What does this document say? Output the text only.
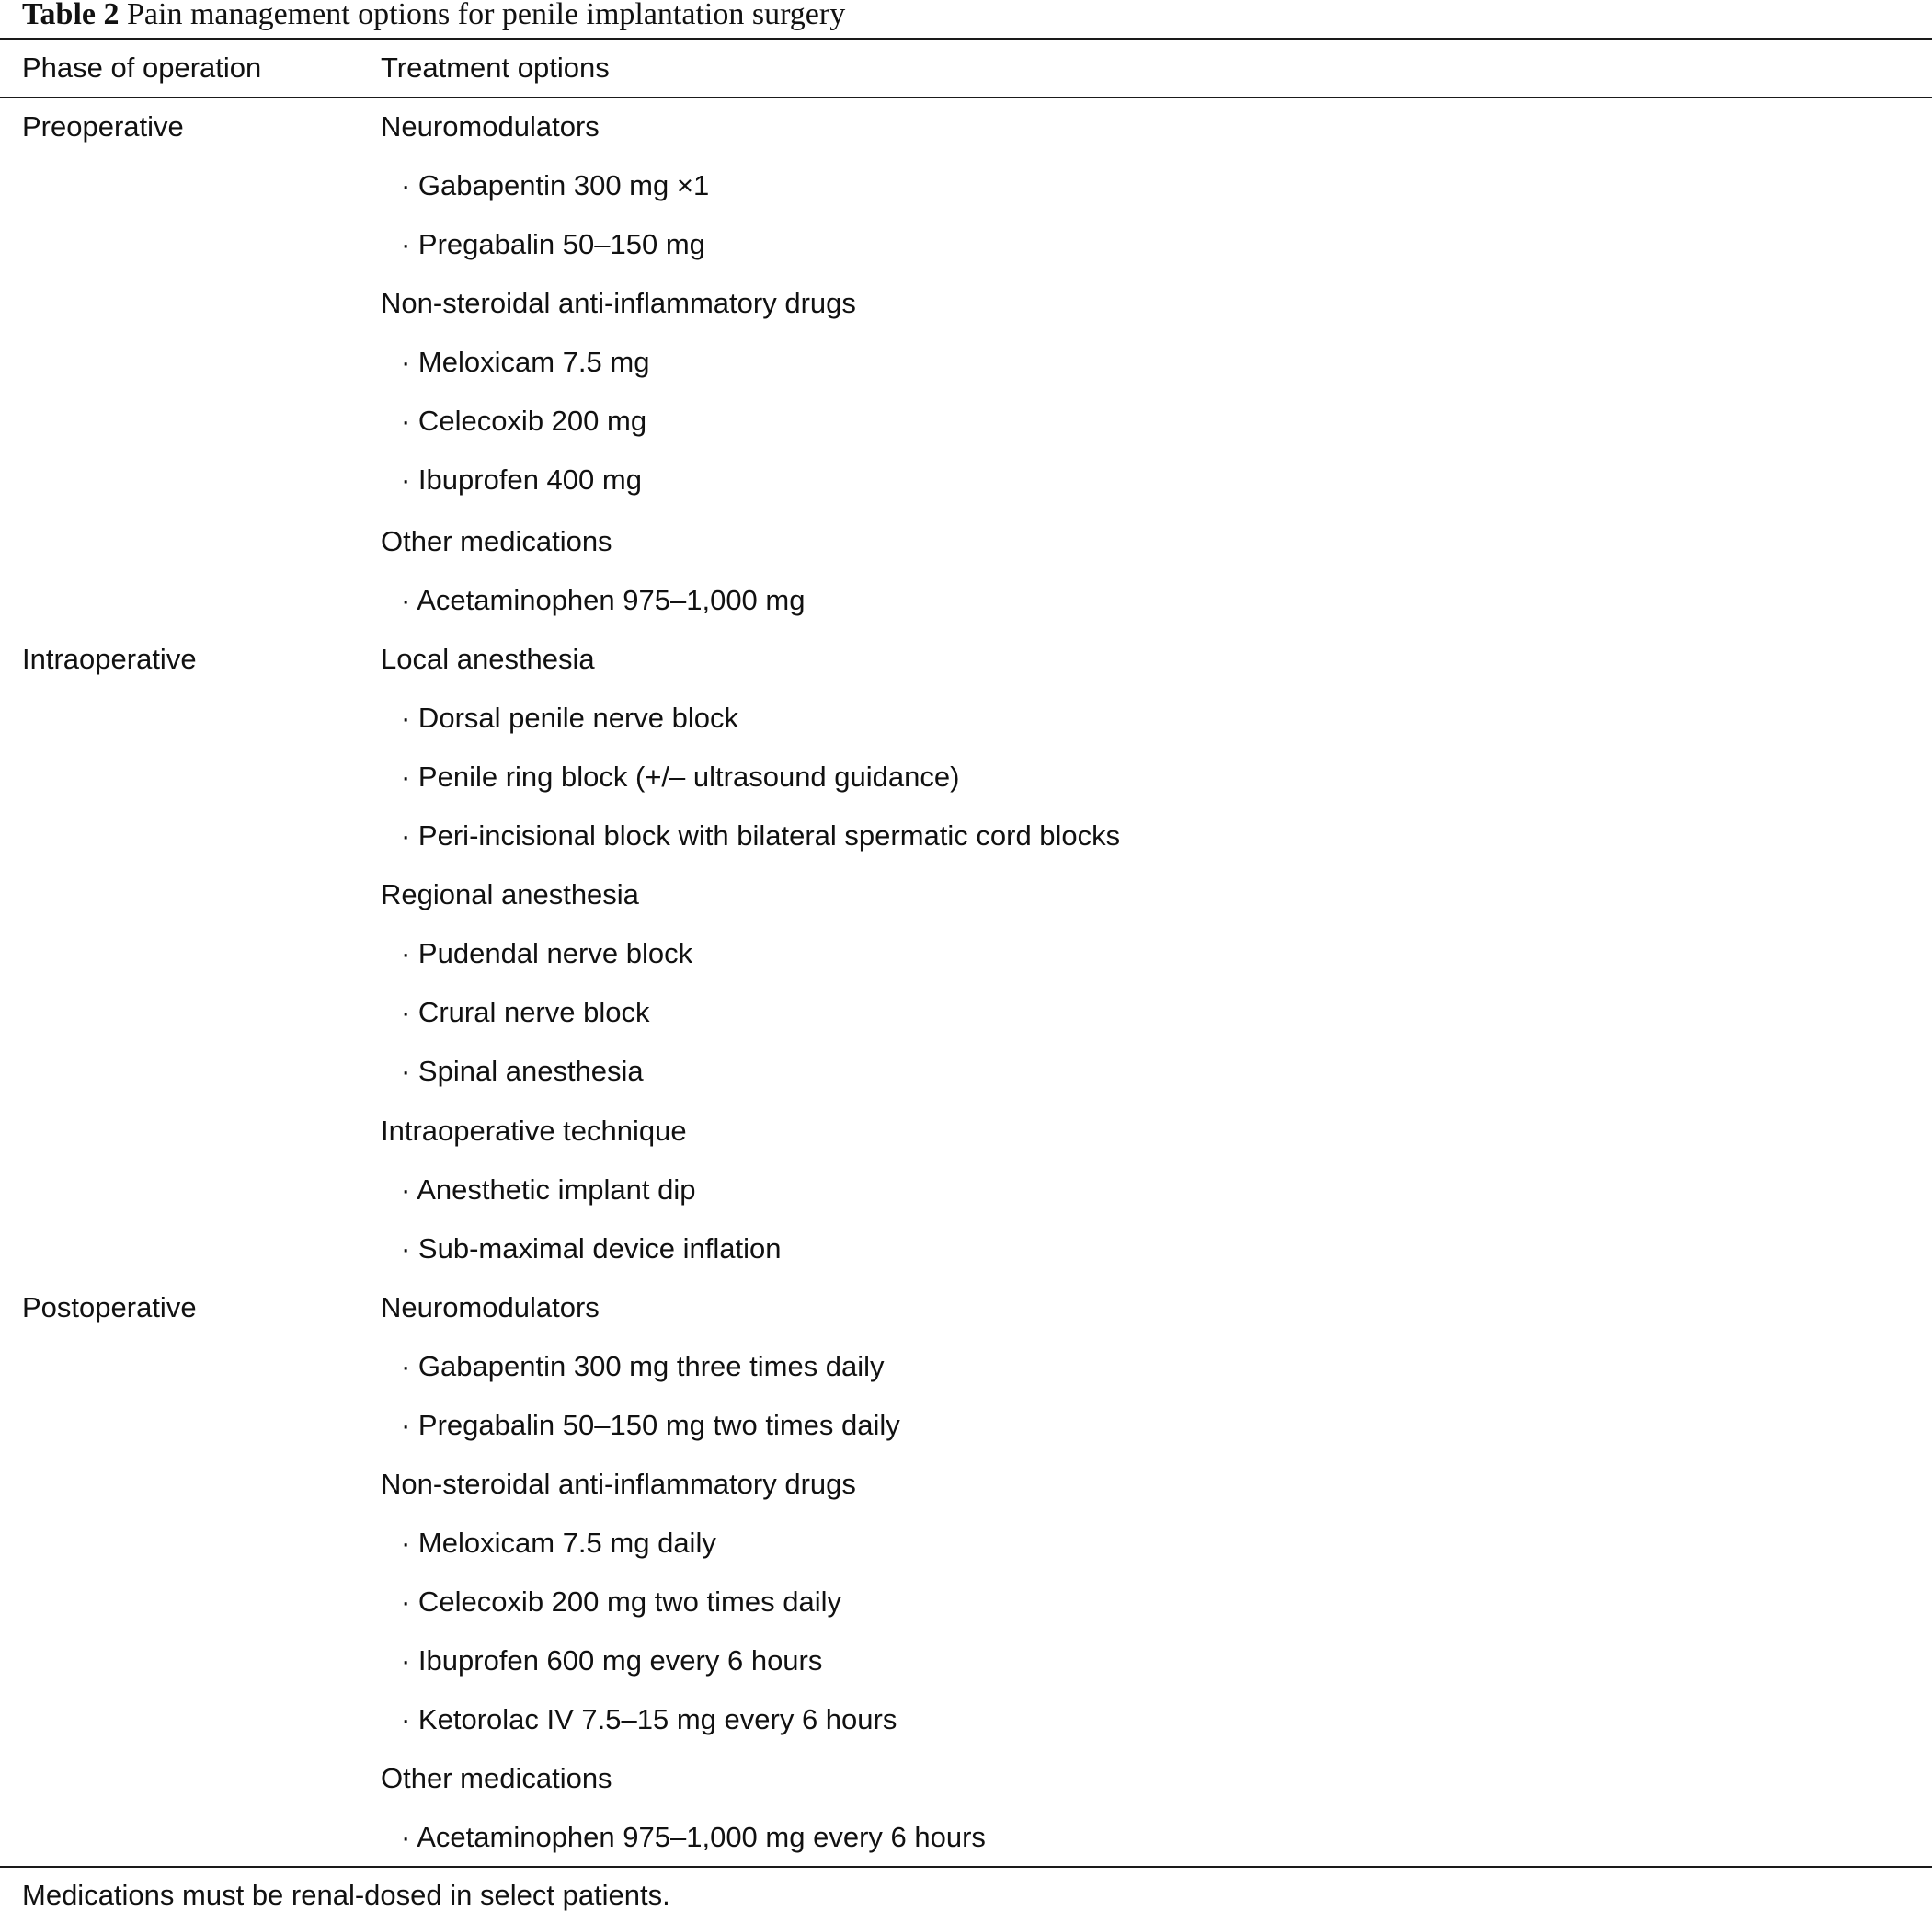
Table 2 Pain management options for penile implantation surgery
Phase of operation	Treatment options
Preoperative	Neuromodulators
· Gabapentin 300 mg ×1
· Pregabalin 50–150 mg
Non-steroidal anti-inflammatory drugs
· Meloxicam 7.5 mg
· Celecoxib 200 mg
· Ibuprofen 400 mg
Other medications
· Acetaminophen 975–1,000 mg
Intraoperative	Local anesthesia
· Dorsal penile nerve block
· Penile ring block (+/– ultrasound guidance)
· Peri-incisional block with bilateral spermatic cord blocks
Regional anesthesia
· Pudendal nerve block
· Crural nerve block
· Spinal anesthesia
Intraoperative technique
· Anesthetic implant dip
· Sub-maximal device inflation
Postoperative	Neuromodulators
· Gabapentin 300 mg three times daily
· Pregabalin 50–150 mg two times daily
Non-steroidal anti-inflammatory drugs
· Meloxicam 7.5 mg daily
· Celecoxib 200 mg two times daily
· Ibuprofen 600 mg every 6 hours
· Ketorolac IV 7.5–15 mg every 6 hours
Other medications
· Acetaminophen 975–1,000 mg every 6 hours
Medications must be renal-dosed in select patients.
